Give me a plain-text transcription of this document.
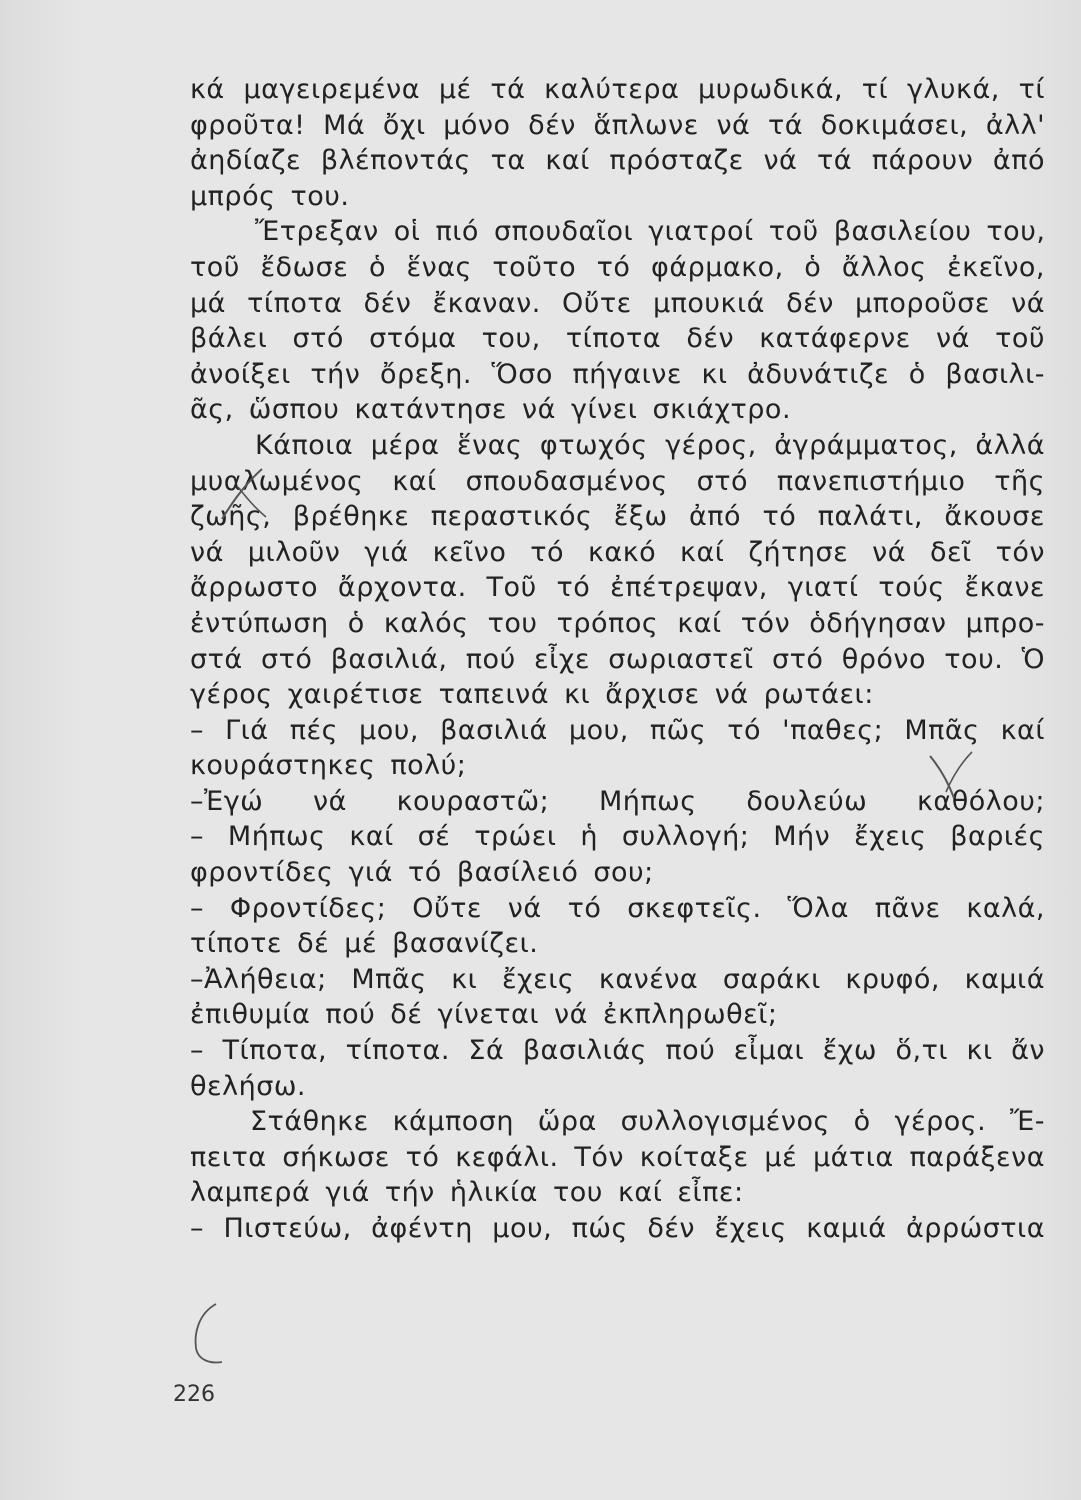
κά μαγειρεμένα μέ τά καλύτερα μυρωδικά, τί γλυκά, τί
φροῦτα! Μά ὄχι μόνο δέν ἅπλωνε νά τά δοκιμάσει, ἀλλ'
ἀηδίαζε βλέποντάς τα καί πρόσταζε νά τά πάρουν ἀπό
μπρός του.
Ἔτρεξαν οἱ πιό σπουδαῖοι γιατροί τοῦ βασιλείου του,
τοῦ ἔδωσε ὁ ἕνας τοῦτο τό φάρμακο, ὁ ἄλλος ἐκεῖνο,
μά τίποτα δέν ἔκαναν. Οὔτε μπουκιά δέν μποροῦσε νά
βάλει στό στόμα του, τίποτα δέν κατάφερνε νά τοῦ
ἀνοίξει τήν ὄρεξη. Ὅσο πήγαινε κι ἀδυνάτιζε ὁ βασιλι-
ᾶς, ὥσπου κατάντησε νά γίνει σκιάχτρο.
Κάποια μέρα ἕνας φτωχός γέρος, ἀγράμματος, ἀλλά
μυαλωμένος καί σπουδασμένος στό πανεπιστήμιο τῆς
ζωῆς, βρέθηκε περαστικός ἔξω ἀπό τό παλάτι, ἄκουσε
νά μιλοῦν γιά κεῖνο τό κακό καί ζήτησε νά δεῖ τόν
ἄρρωστο ἄρχοντα. Τοῦ τό ἐπέτρεψαν, γιατί τούς ἔκανε
ἐντύπωση ὁ καλός του τρόπος καί τόν ὁδήγησαν μπρο-
στά στό βασιλιά, πού εἶχε σωριαστεῖ στό θρόνο του. Ὁ
γέρος χαιρέτισε ταπεινά κι ἄρχισε νά ρωτάει:
– Γιά πές μου, βασιλιά μου, πῶς τό 'παθες; Μπᾶς καί
κουράστηκες πολύ;
–Ἐγώ νά κουραστῶ; Μήπως δουλεύω καθόλου;
– Μήπως καί σέ τρώει ἡ συλλογή; Μήν ἔχεις βαριές
φροντίδες γιά τό βασίλειό σου;
– Φροντίδες; Οὔτε νά τό σκεφτεῖς. Ὅλα πᾶνε καλά,
τίποτε δέ μέ βασανίζει.
–Ἀλήθεια; Μπᾶς κι ἔχεις κανένα σαράκι κρυφό, καμιά
ἐπιθυμία πού δέ γίνεται νά ἐκπληρωθεῖ;
– Τίποτα, τίποτα. Σά βασιλιάς πού εἶμαι ἔχω ὅ,τι κι ἄν
θελήσω.
Στάθηκε κάμποση ὥρα συλλογισμένος ὁ γέρος. Ἔ-
πειτα σήκωσε τό κεφάλι. Τόν κοίταξε μέ μάτια παράξενα
λαμπερά γιά τήν ἡλικία του καί εἶπε:
– Πιστεύω, ἀφέντη μου, πώς δέν ἔχεις καμιά ἀρρώστια
226
